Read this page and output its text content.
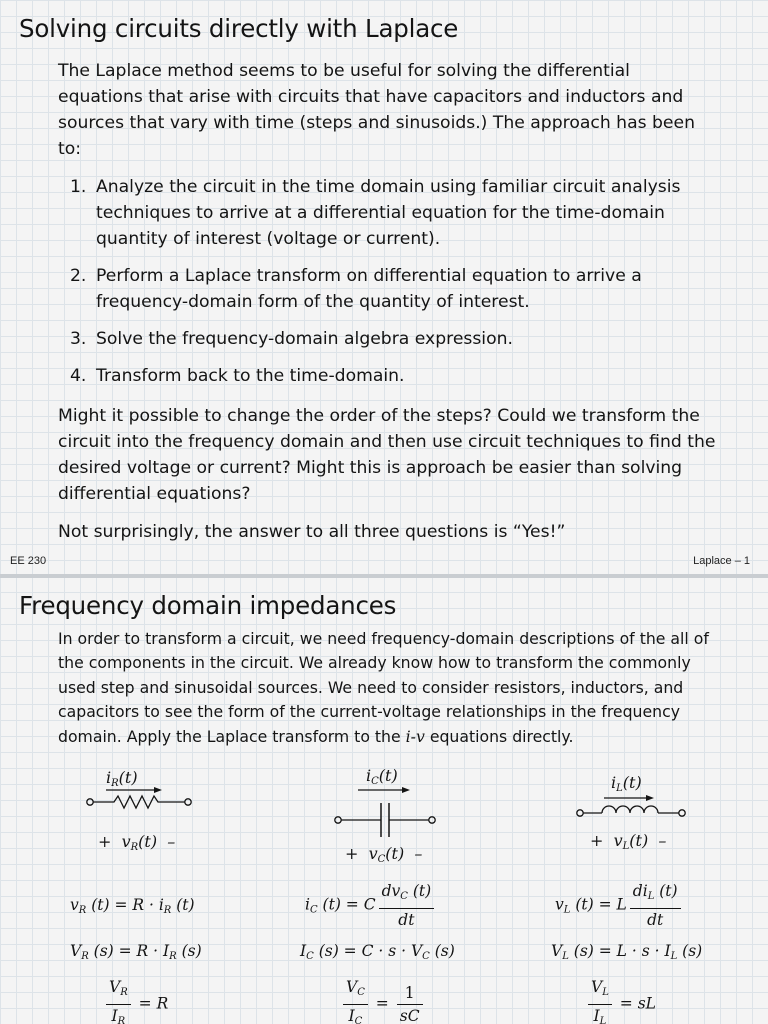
Solving circuits directly with Laplace

The Laplace method seems to be useful for solving the differential equations that arise with circuits that have capacitors and inductors and sources that vary with time (steps and sinusoids.) The approach has been to:

1. Analyze the circuit in the time domain using familiar circuit analysis techniques to arrive at a differential equation for the time-domain quantity of interest (voltage or current).
2. Perform a Laplace transform on differential equation to arrive a frequency-domain form of the quantity of interest.
3. Solve the frequency-domain algebra expression.
4. Transform back to the time-domain.

Might it possible to change the order of the steps? Could we transform the circuit into the frequency domain and then use circuit techniques to find the desired voltage or current? Might this is approach be easier than solving differential equations?

Not surprisingly, the answer to all three questions is “Yes!”

EE 230	Laplace – 1
Frequency domain impedances

In order to transform a circuit, we need frequency-domain descriptions of the all of the components in the circuit. We already know how to transform the commonly used step and sinusoidal sources. We need to consider resistors, inductors, and capacitors to see the form of the current-voltage relationships in the frequency domain. Apply the Laplace transform to the i-v equations directly.

$i_R(t)$
+ $v_R(t)$ –
$v_R$ $(t) = R \cdot i_R$ (t)
$V_R$ $(s) = R \cdot I_R$ (s)
$\frac{V_R}{I_R} = R$
$i_C(t)$
+ $v_C(t)$ –
$i_C$ (t) = C $\frac{dv_C (t)}{dt}$
$I_C$ $(s) = C \cdot s \cdot V_C$ (s)
$\frac{V_C}{I_C} = \frac{1}{sC}$
$i_L(t)$
+ $v_L(t)$ –
$v_L$ (t) = L $\frac{di_L (t)}{dt}$
$V_L$ $(s) = L \cdot s \cdot I_L$ (s)
$\frac{V_L}{I_L}$ = sL
